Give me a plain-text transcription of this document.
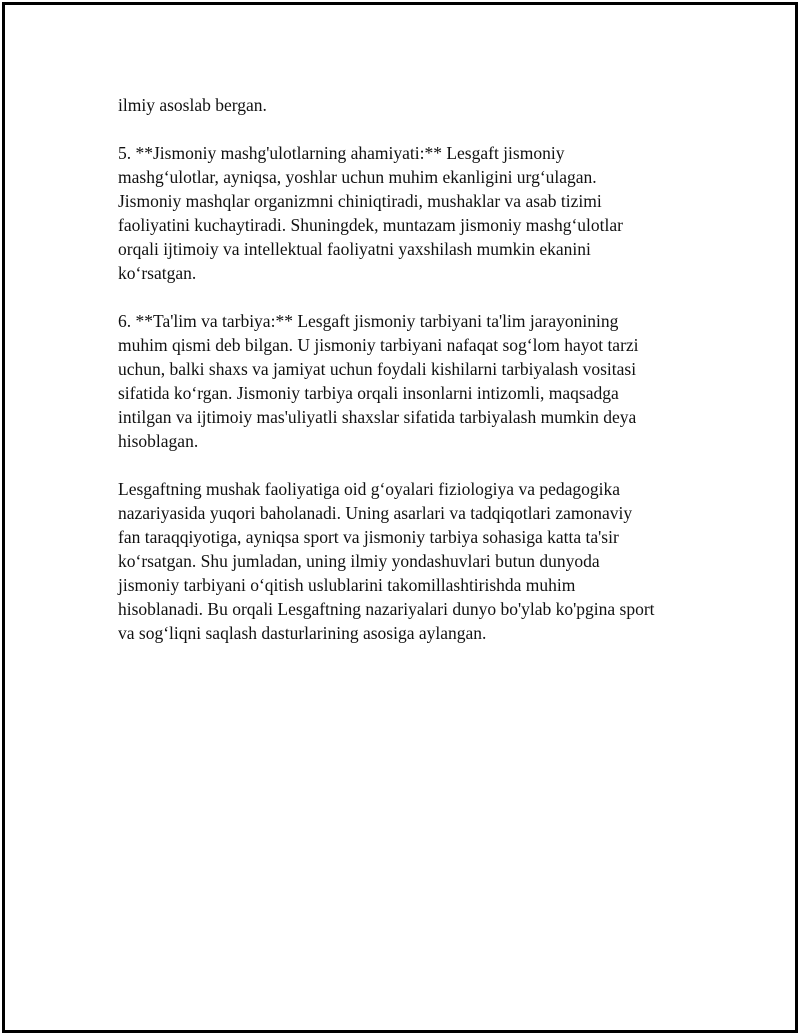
ilmiy asoslab bergan.

5. **Jismoniy mashg'ulotlarning ahamiyati:** Lesgaft jismoniy
mashg‘ulotlar, ayniqsa, yoshlar uchun muhim ekanligini urg‘ulagan.
Jismoniy mashqlar organizmni chiniqtiradi, mushaklar va asab tizimi
faoliyatini kuchaytiradi. Shuningdek, muntazam jismoniy mashg‘ulotlar
orqali ijtimoiy va intellektual faoliyatni yaxshilash mumkin ekanini
ko‘rsatgan.

6. **Ta'lim va tarbiya:** Lesgaft jismoniy tarbiyani ta'lim jarayonining
muhim qismi deb bilgan. U jismoniy tarbiyani nafaqat sog‘lom hayot tarzi
uchun, balki shaxs va jamiyat uchun foydali kishilarni tarbiyalash vositasi
sifatida ko‘rgan. Jismoniy tarbiya orqali insonlarni intizomli, maqsadga
intilgan va ijtimoiy mas'uliyatli shaxslar sifatida tarbiyalash mumkin deya
hisoblagan.

Lesgaftning mushak faoliyatiga oid g‘oyalari fiziologiya va pedagogika
nazariyasida yuqori baholanadi. Uning asarlari va tadqiqotlari zamonaviy
fan taraqqiyotiga, ayniqsa sport va jismoniy tarbiya sohasiga katta ta'sir
ko‘rsatgan. Shu jumladan, uning ilmiy yondashuvlari butun dunyoda
jismoniy tarbiyani o‘qitish uslublarini takomillashtirishda muhim
hisoblanadi. Bu orqali Lesgaftning nazariyalari dunyo bo'ylab ko'pgina sport
va sog‘liqni saqlash dasturlarining asosiga aylangan.
